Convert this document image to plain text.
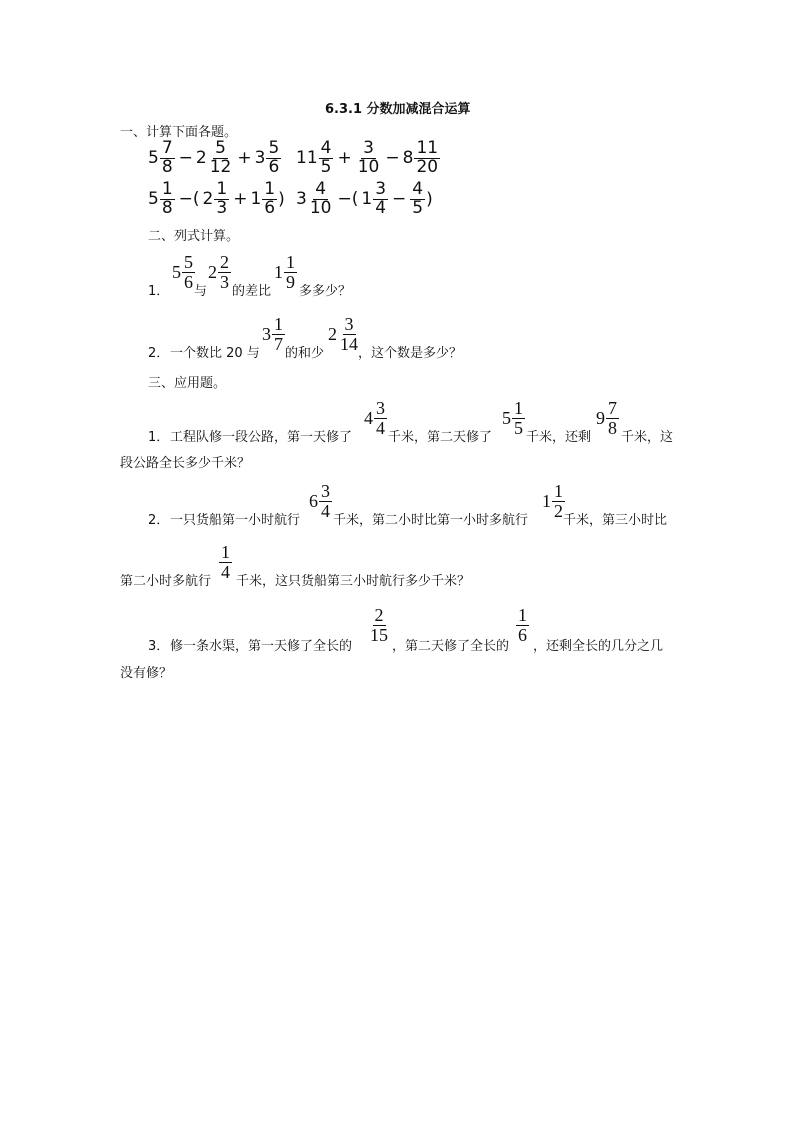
6.3.1 分数加减混合运算
一、计算下面各题。
$5 \frac{7}{8} - 2 \frac{5}{12} + 3 \frac{5}{6} 11 \frac{4}{5} + \frac{3}{10} - 8 \frac{11}{20}$
$5 \frac{1}{8}$ −( $2 \frac{1}{3} + 1 \frac{1}{6}$ ) $3 \frac{4}{10}$ −( $1 \frac{3}{4} - \frac{4}{5}$ )
二、列式计算。
1．
$5 \frac{5}{6}$ 与
$2 \frac{2}{3}$ 的差比
$1 \frac{1}{9}$ 多多少？
2． 一个数比 20 与
$3 \frac{1}{7}$ 的和少
$2 \frac{3}{14}$
，这个数是多少？
三、应用题。
1． 工程队修一段公路，第一天修了
$4 \frac{3}{4}$ 千米，第二天修了
$5 \frac{1}{5}$ 千米，还剩
$9 \frac{7}{8}$ 千米，这
段公路全长多少千米？
2． 一只货船第一小时航行
$6 \frac{3}{4}$ 千米，第二小时比第一小时多航行
$1 \frac{1}{2}$
千米，第三小时比
第二小时多航行 $\frac{1}{4}$ 千米，这只货船第三小时航行多少千米？
3． 修一条水渠，第一天修了全长的
$\frac{2}{15}$
，第二天修了全长的
$\frac{1}{6}$
，还剩全长的几分之几
没有修？
